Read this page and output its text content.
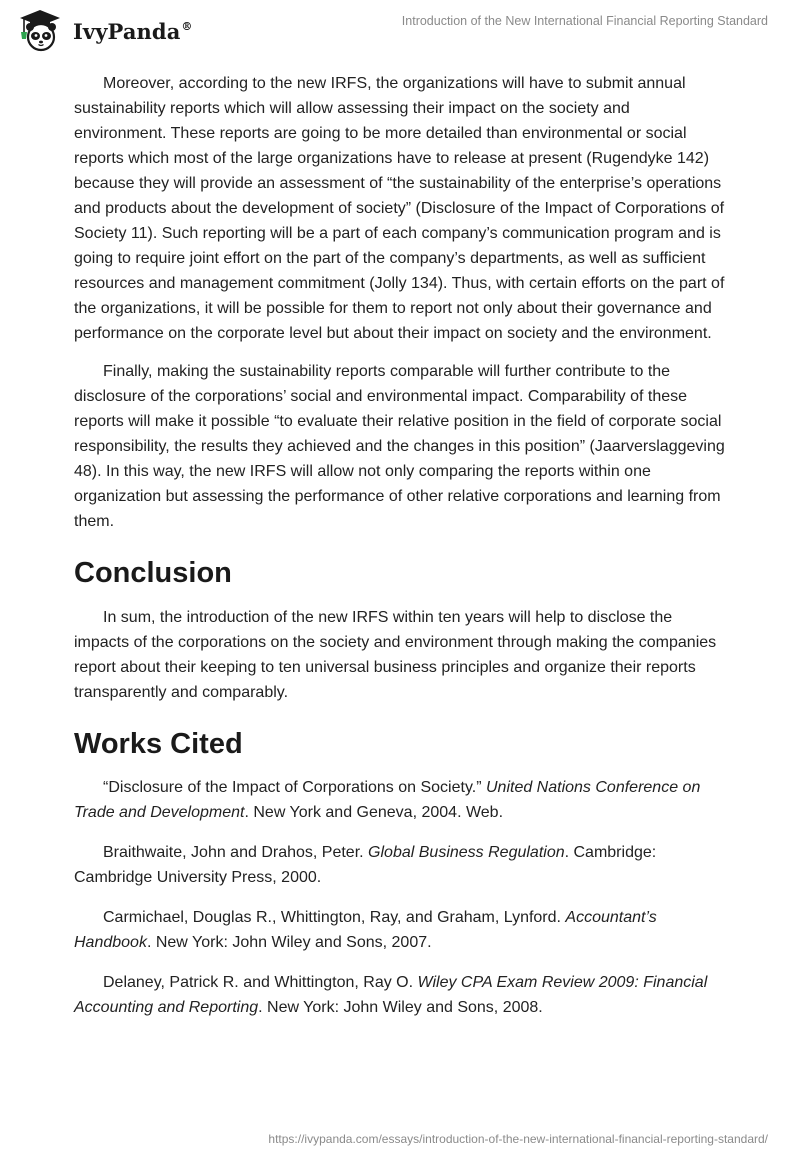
IvyPanda®	Introduction of the New International Financial Reporting Standard

Moreover, according to the new IRFS, the organizations will have to submit annual sustainability reports which will allow assessing their impact on the society and environment. These reports are going to be more detailed than environmental or social reports which most of the large organizations have to release at present (Rugendyke 142) because they will provide an assessment of “the sustainability of the enterprise’s operations and products about the development of society” (Disclosure of the Impact of Corporations of Society 11). Such reporting will be a part of each company’s communication program and is going to require joint effort on the part of the company’s departments, as well as sufficient resources and management commitment (Jolly 134). Thus, with certain efforts on the part of the organizations, it will be possible for them to report not only about their governance and performance on the corporate level but about their impact on society and the environment.

Finally, making the sustainability reports comparable will further contribute to the disclosure of the corporations’ social and environmental impact. Comparability of these reports will make it possible “to evaluate their relative position in the field of corporate social responsibility, the results they achieved and the changes in this position” (Jaarverslaggeving 48). In this way, the new IRFS will allow not only comparing the reports within one organization but assessing the performance of other relative corporations and learning from them.

Conclusion

In sum, the introduction of the new IRFS within ten years will help to disclose the impacts of the corporations on the society and environment through making the companies report about their keeping to ten universal business principles and organize their reports transparently and comparably.

Works Cited

“Disclosure of the Impact of Corporations on Society.” United Nations Conference on Trade and Development. New York and Geneva, 2004. Web.

Braithwaite, John and Drahos, Peter. Global Business Regulation. Cambridge: Cambridge University Press, 2000.

Carmichael, Douglas R., Whittington, Ray, and Graham, Lynford. Accountant’s Handbook. New York: John Wiley and Sons, 2007.

Delaney, Patrick R. and Whittington, Ray O. Wiley CPA Exam Review 2009: Financial Accounting and Reporting. New York: John Wiley and Sons, 2008.

https://ivypanda.com/essays/introduction-of-the-new-international-financial-reporting-standard/
